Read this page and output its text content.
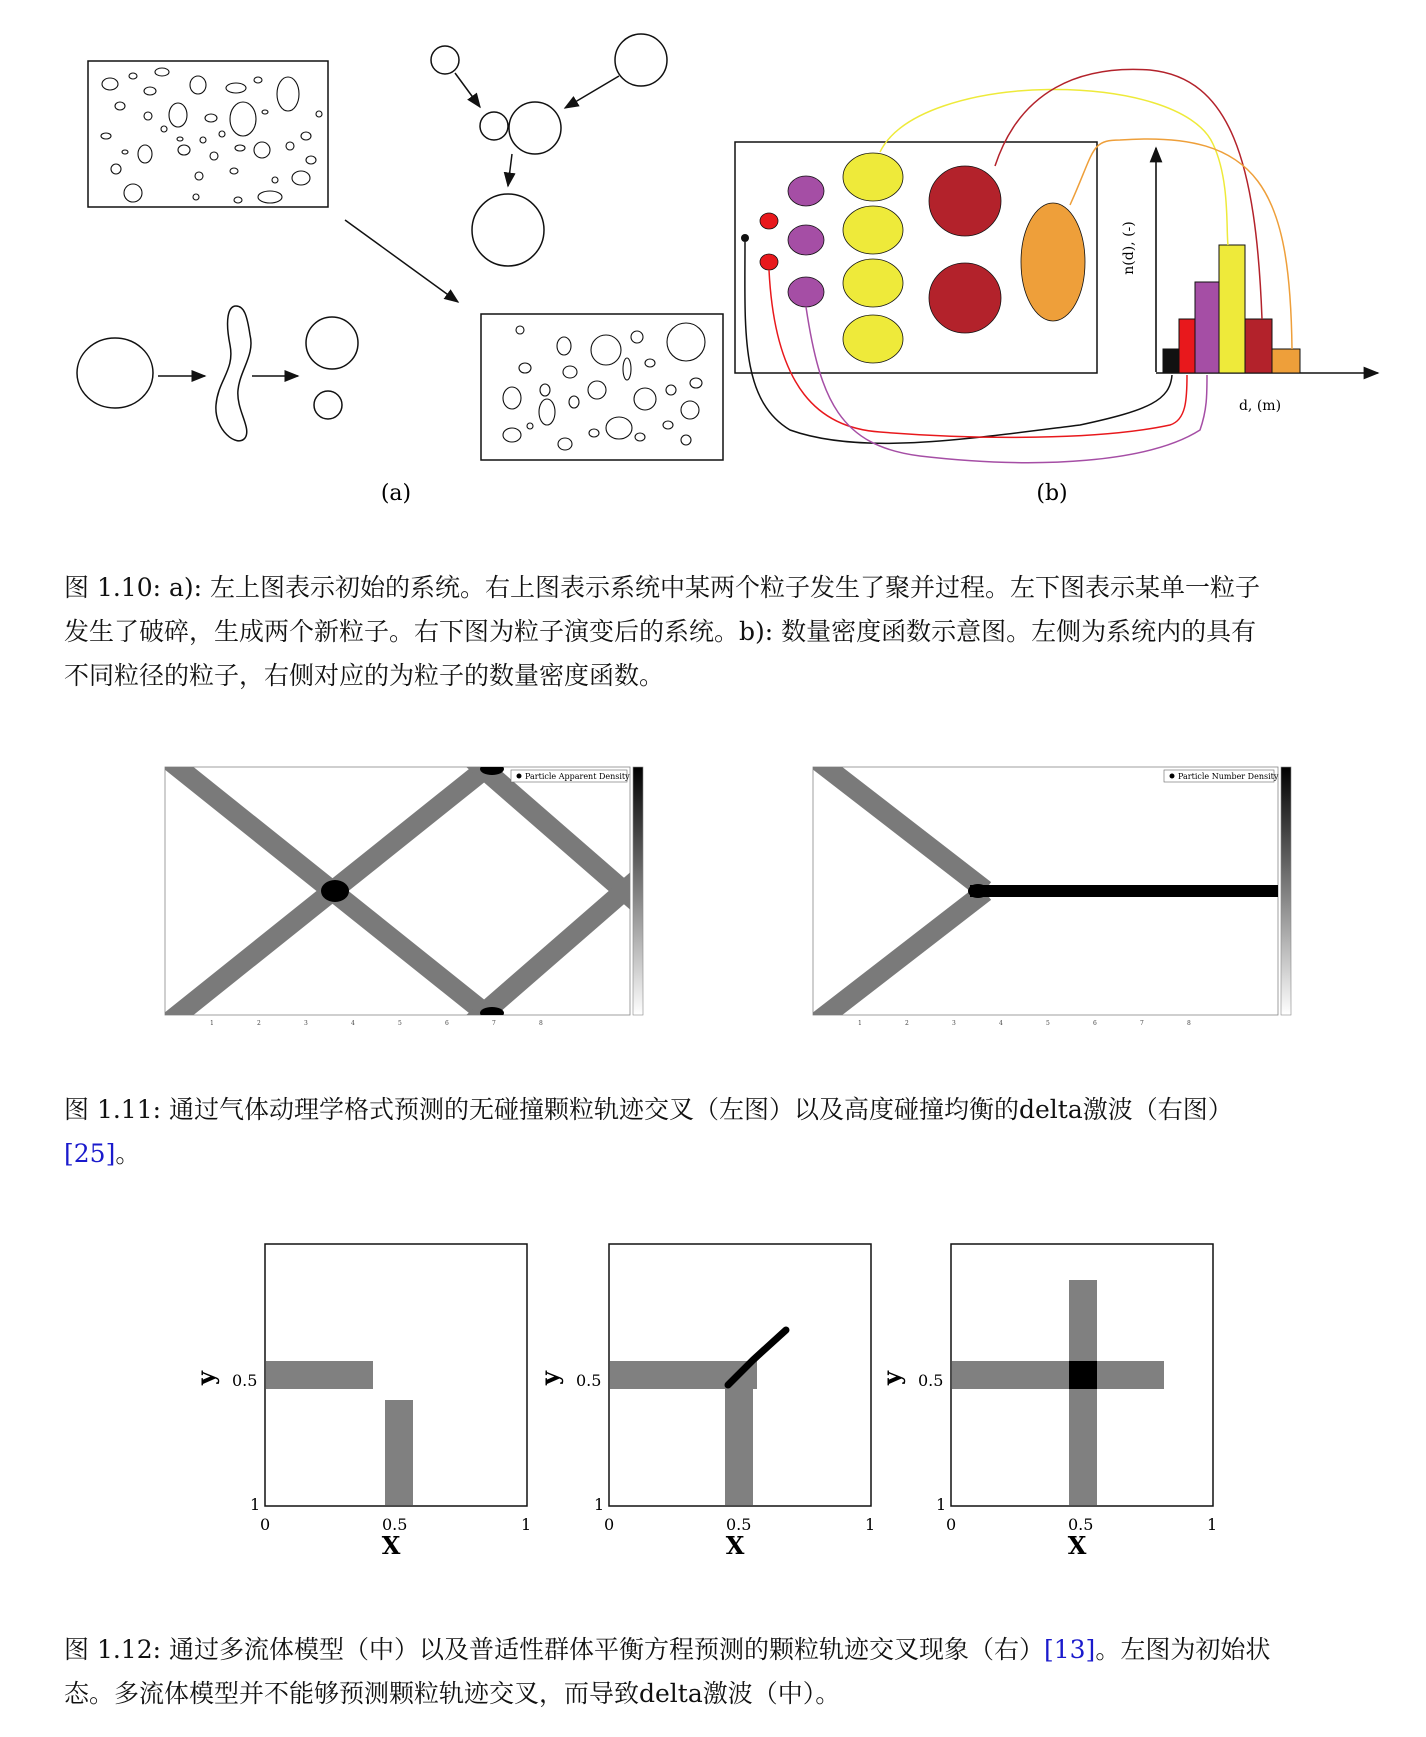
(a)
n(d), (-)
d, (m)
(b)
图 1.10: a): 左上图表示初始的系统。右上图表示系统中某两个粒子发生了聚并过程。左下图表示某单一粒子
发生了破碎，生成两个新粒子。右下图为粒子演变后的系统。b): 数量密度函数示意图。左侧为系统内的具有
不同粒径的粒子，右侧对应的为粒子的数量密度函数。
Particle Apparent Density
1	2	3	4	5	6	7	8
Particle Number Density
1	2	3	4	5	6	7	8
图 1.11: 通过气体动理学格式预测的无碰撞颗粒轨迹交叉（左图）以及高度碰撞均衡的delta激波（右图）
[25]。
0.5
1
0	0.5	1
X
y	0.5
1
0	0.5	1
X
y	0.5
1
0	0.5	1
X
y
图 1.12: 通过多流体模型（中）以及普适性群体平衡方程预测的颗粒轨迹交叉现象（右）[13]。左图为初始状
态。多流体模型并不能够预测颗粒轨迹交叉，而导致delta激波（中）。
